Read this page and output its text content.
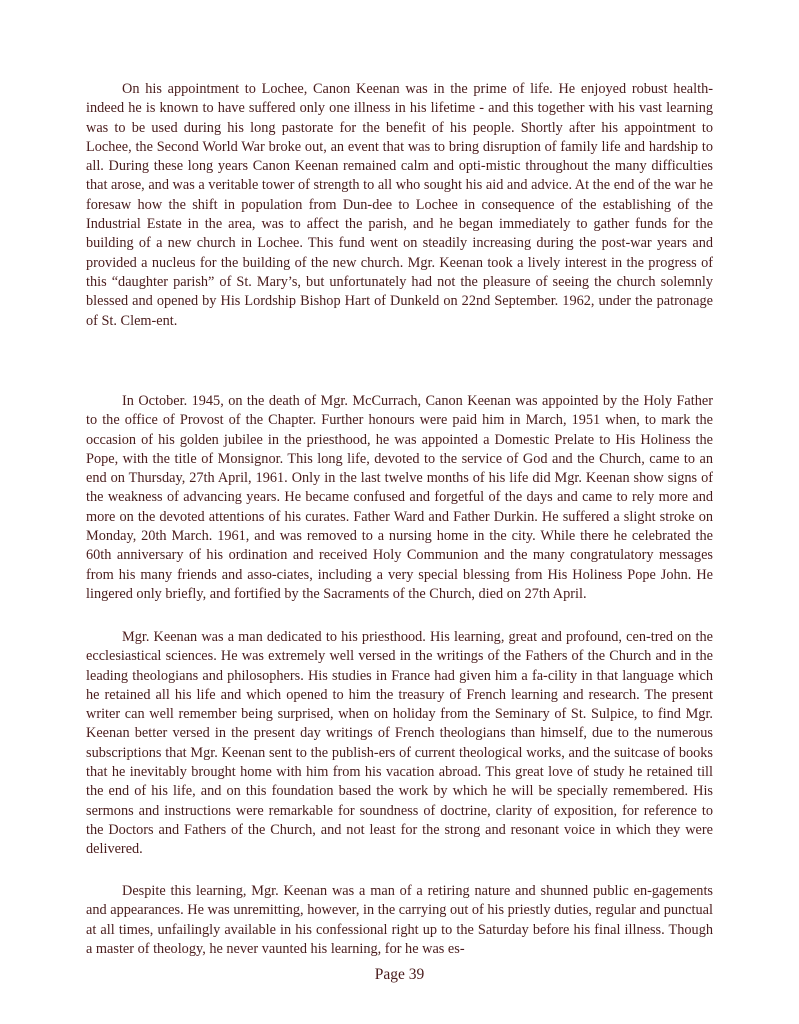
On his appointment to Lochee, Canon Keenan was in the prime of life. He enjoyed robust health-indeed he is known to have suffered only one illness in his lifetime - and this together with his vast learning was to be used during his long pastorate for the benefit of his people. Shortly after his appointment to Lochee, the Second World War broke out, an event that was to bring disruption of family life and hardship to all. During these long years Canon Keenan remained calm and opti-mistic throughout the many difficulties that arose, and was a veritable tower of strength to all who sought his aid and advice. At the end of the war he foresaw how the shift in population from Dun-dee to Lochee in consequence of the establishing of the Industrial Estate in the area, was to affect the parish, and he began immediately to gather funds for the building of a new church in Lochee. This fund went on steadily increasing during the post-war years and provided a nucleus for the building of the new church. Mgr. Keenan took a lively interest in the progress of this “daughter parish” of St. Mary’s, but unfortunately had not the pleasure of seeing the church solemnly blessed and opened by His Lordship Bishop Hart of Dunkeld on 22nd September. 1962, under the patronage of St. Clem-ent.

In October. 1945, on the death of Mgr. McCurrach, Canon Keenan was appointed by the Holy Father to the office of Provost of the Chapter. Further honours were paid him in March, 1951 when, to mark the occasion of his golden jubilee in the priesthood, he was appointed a Domestic Prelate to His Holiness the Pope, with the title of Monsignor. This long life, devoted to the service of God and the Church, came to an end on Thursday, 27th April, 1961. Only in the last twelve months of his life did Mgr. Keenan show signs of the weakness of advancing years. He became confused and forgetful of the days and came to rely more and more on the devoted attentions of his curates. Father Ward and Father Durkin. He suffered a slight stroke on Monday, 20th March. 1961, and was removed to a nursing home in the city. While there he celebrated the 60th anniversary of his ordination and received Holy Communion and the many congratulatory messages from his many friends and asso-ciates, including a very special blessing from His Holiness Pope John. He lingered only briefly, and fortified by the Sacraments of the Church, died on 27th April.

Mgr. Keenan was a man dedicated to his priesthood. His learning, great and profound, cen-tred on the ecclesiastical sciences. He was extremely well versed in the writings of the Fathers of the Church and in the leading theologians and philosophers. His studies in France had given him a fa-cility in that language which he retained all his life and which opened to him the treasury of French learning and research. The present writer can well remember being surprised, when on holiday from the Seminary of St. Sulpice, to find Mgr. Keenan better versed in the present day writings of French theologians than himself, due to the numerous subscriptions that Mgr. Keenan sent to the publish-ers of current theological works, and the suitcase of books that he inevitably brought home with him from his vacation abroad. This great love of study he retained till the end of his life, and on this foundation based the work by which he will be specially remembered. His sermons and instructions were remarkable for soundness of doctrine, clarity of exposition, for reference to the Doctors and Fathers of the Church, and not least for the strong and resonant voice in which they were delivered.

Despite this learning, Mgr. Keenan was a man of a retiring nature and shunned public en-gagements and appearances. He was unremitting, however, in the carrying out of his priestly duties, regular and punctual at all times, unfailingly available in his confessional right up to the Saturday before his final illness. Though a master of theology, he never vaunted his learning, for he was es-

Page 39
